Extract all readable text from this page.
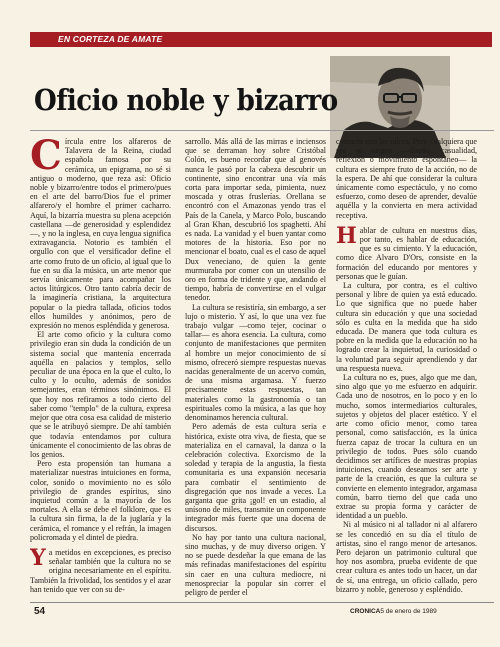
EN CORTEZA DE AMATE
Oficio noble y bizarro

Círcula entre los alfareros de Talavera de la Reina, ciudad española famosa por su cerámica, un epigrama, no sé si antiguo o moderno, que reza así: Oficio noble y bizarro/entre todos el primero/pues en el arte del barro/Dios fue el primer alfarero/y el hombre el primer cacharro. Aquí, la bizarría muestra su plena acepción castellana —de generosidad y esplendidez—, y no la inglesa, en cuya lengua significa extravagancia. Notorio es también el orgullo con que el versificador define el arte como fruto de un oficio, al igual que lo fue en su día la música, un arte menor que servía únicamente para acompañar los actos litúrgicos. Otro tanto cabría decir de la imaginería cristiana, la arquitectura popular o la piedra tallada, oficios todos ellos humildes y anónimos, pero de expresión no menos espléndida y generosa.

El arte como oficio y la cultura como privilegio eran sin duda la condición de un sistema social que mantenía encerrada aquélla en palacios y templos, sello peculiar de una época en la que el culto, lo culto y lo oculto, además de sonidos semejantes, eran términos sinónimos. El que hoy nos refiramos a todo cierto del saber como "templo" de la cultura, expresa mejor que otra cosa esa calidad de misterio que se le atribuyó siempre. De ahí también que todavía entendamos por cultura únicamente el conocimiento de las obras de los genios.

Pero esta propensión tan humana a materializar nuestras intuiciones en forma, color, sonido o movimiento no es sólo privilegio de grandes espíritus, sino inquietud común a la mayoría de los mortales. A ella se debe el folklore, que es la cultura sin firma, la de la juglaría y la cerámica, el romance y el refrán, la imagen policromada y el dintel de piedra.

Ya metidos en excepciones, es preciso señalar también que la cultura no se origina necesariamente en el espíritu. También la frivolidad, los sentidos y el azar han tenido que ver con su de-

sarrollo. Más allá de las mirras e inciensos que se derraman hoy sobre Cristóbal Colón, es bueno recordar que al genovés nunca le pasó por la cabeza descubrir un continente, sino encontrar una vía más corta para importar seda, pimienta, nuez moscada y otras fruslerías. Orellana se encontró con el Amazonas yendo tras el País de la Canela, y Marco Polo, buscando al Gran Khan, descubrió los spaghetti. Ahí es nada. La vanidad y el buen yantar como motores de la historia. Eso por no mencionar el boato, cual es el caso de aquel Dux veneciano, de quien la gente murmuraba por comer con un utensilio de oro en forma de tridente y que, andando el tiempo, habría de convertirse en el vulgar tenedor.

La cultura se resistiría, sin embargo, a ser lujo o misterio. Y así, lo que una vez fue trabajo vulgar —como tejer, cocinar o tallar— es ahora esencia. La cultura, como conjunto de manifestaciones que permiten al hombre un mejor conocimiento de sí mismo, ofreceró siempre respuestas nuevas nacidas generalmente de un acervo común, de una misma argamasa. Y fuerzo precisamente estas respuestas, tan materiales como la gastronomía o tan espirituales como la música, a las que hoy denominamos herencia cultural.

Pero además de esta cultura seria e histórica, existe otra viva, de fiesta, que se materializa en el carnaval, la danza o la celebración colectiva. Exorcismo de la soledad y terapia de la angustia, la fiesta comunitaria es una expansión necesaria para combatir el sentimiento de disgregación que nos invade a veces. La garganta que grita ¡gol! en un estadio, al unísono de miles, transmite un componente integrador más fuerte que una docena de discursos.

No hay por tanto una cultura nacional, sino muchas, y de muy diverso origen. Y no se puede desdeñar la que emana de las más refinadas manifestaciones del espíritu sin caer en una cultura mediocre, ni menospreciar la popular sin correr el peligro de perder el

contacto con las raíces. Pero cualquiera que sea su origen —diseño, casualidad, reflexión o movimiento espontáneo— la cultura es siempre fruto de la acción, no de la espera. De ahí que considerar la cultura únicamente como espectáculo, y no como esfuerzo, como deseo de aprender, devalúe aquélla y la convierta en mera actividad receptiva.

Hablar de cultura en nuestros días, por tanto, es hablar de educación, que es su cimiento. Y la educación, como dice Alvaro D'Ors, consiste en la formación del educando por mentores y personas que le guían.

La cultura, por contra, es el cultivo personal y libre de quien ya está educado. Lo que significa que no puede haber cultura sin educación y que una sociedad sólo es culta en la medida que ha sido educada. De manera que toda cultura es pobre en la medida que la educación no ha logrado crear la inquietud, la curiosidad o la voluntad para seguir aprendiendo y dar una respuesta nueva.

La cultura no es, pues, algo que me dan, sino algo que yo me esfuerzo en adquirir. Cada uno de nosotros, en lo poco y en lo mucho, somos intermediarios culturales, sujetos y objetos del placer estético. Y el arte como oficio menor, como tarea personal, como satisfacción, es la única fuerza capaz de trocar la cultura en un privilegio de todos. Pues sólo cuando decidimos ser artífices de nuestras propias intuiciones, cuando deseamos ser arte y parte de la creación, es que la cultura se convierte en elemento integrador, argamasa común, barro tierno del que cada uno extrae su propia forma y carácter de identidad a un pueblo.

Ni al músico ni al tallador ni al alfarero se les concedió en su día el título de artistas, sino el rango menor de artesanos. Pero dejaron un patrimonio cultural que hoy nos asombra, prueba evidente de que crear cultura es antes todo un hacer, un dar de sí, una entrega, un oficio callado, pero bizarro y noble, generoso y espléndido.

54	CRONICA5 de enero de 1989
